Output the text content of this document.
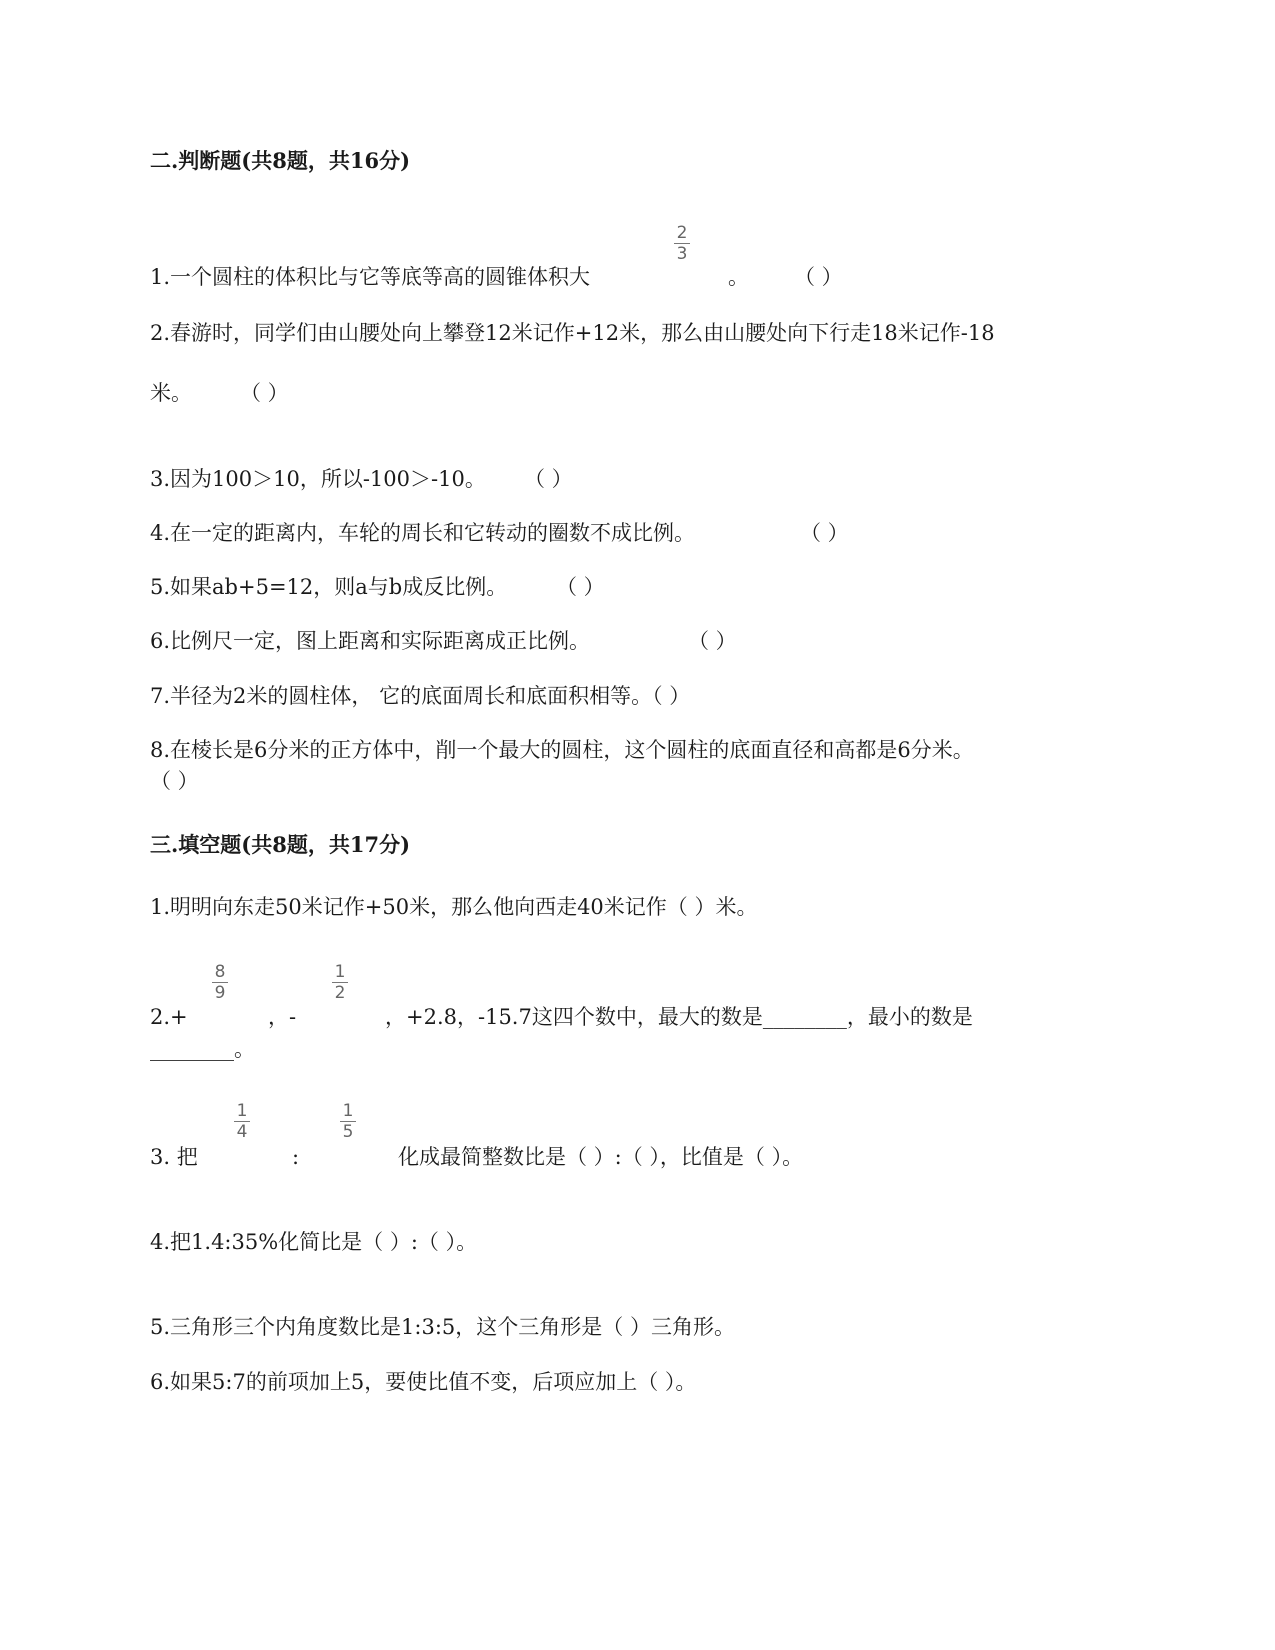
二.判断题(共8题，共16分)
1.一个圆柱的体积比与它等底等高的圆锥体积大
2
3
。 （ ）
2.春游时，同学们由山腰处向上攀登12米记作+12米，那么由山腰处向下行走18米记作-18
米。 （ ）
3.因为100＞10，所以-100＞-10。 （ ）
4.在一定的距离内，车轮的周长和它转动的圈数不成比例。	（ ）
5.如果ab+5=12，则a与b成反比例。 （ ）
6.比例尺一定，图上距离和实际距离成正比例。	（ ）
7.半径为2米的圆柱体， 它的底面周长和底面积相等。（ ）
8.在棱长是6分米的正方体中，削一个最大的圆柱，这个圆柱的底面直径和高都是6分米。
（ ）
三.填空题(共8题，共17分)
1.明明向东走50米记作+50米，那么他向西走40米记作（ ）米。
2.+
8
9
，-
1
2
，+2.8，-15.7这四个数中，最大的数是________，最小的数是
________。
3. 把
1
4
:
1
5
化成最简整数比是（ ）:（ ），比值是（ ）。
4.把1.4:35%化简比是（ ）:（ ）。
5.三角形三个内角度数比是1:3:5，这个三角形是（ ）三角形。
6.如果5:7的前项加上5，要使比值不变，后项应加上（ ）。
